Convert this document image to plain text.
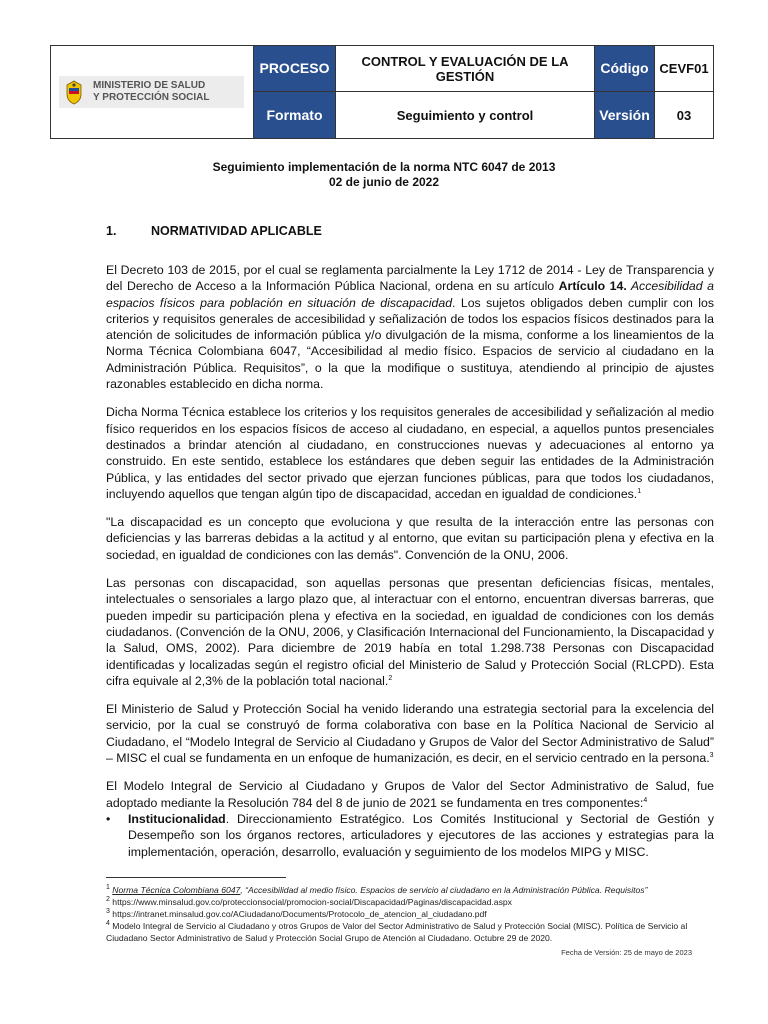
MINISTERIO DE SALUD
Y PROTECCIÓN SOCIAL
PROCESO	CONTROL Y EVALUACIÓN DE LA GESTIÓN	Código CEVF01
Formato	Seguimiento y control	Versión	03
Seguimiento implementación de la norma NTC 6047 de 2013
02 de junio de 2022
1.	NORMATIVIDAD APLICABLE

El Decreto 103 de 2015, por el cual se reglamenta parcialmente la Ley 1712 de 2014 - Ley de Transparencia y del Derecho de Acceso a la Información Pública Nacional, ordena en su artículo Artículo 14. Accesibilidad a espacios físicos para población en situación de discapacidad. Los sujetos obligados deben cumplir con los criterios y requisitos generales de accesibilidad y señalización de todos los espacios físicos destinados para la atención de solicitudes de información pública y/o divulgación de la misma, conforme a los lineamientos de la Norma Técnica Colombiana 6047, “Accesibilidad al medio físico. Espacios de servicio al ciudadano en la Administración Pública. Requisitos”, o la que la modifique o sustituya, atendiendo al principio de ajustes razonables establecido en dicha norma.

Dicha Norma Técnica establece los criterios y los requisitos generales de accesibilidad y señalización al medio físico requeridos en los espacios físicos de acceso al ciudadano, en especial, a aquellos puntos presenciales destinados a brindar atención al ciudadano, en construcciones nuevas y adecuaciones al entorno ya construido. En este sentido, establece los estándares que deben seguir las entidades de la Administración Pública, y las entidades del sector privado que ejerzan funciones públicas, para que todos los ciudadanos, incluyendo aquellos que tengan algún tipo de discapacidad, accedan en igualdad de condiciones.$^1$

"La discapacidad es un concepto que evoluciona y que resulta de la interacción entre las personas con deficiencias y las barreras debidas a la actitud y al entorno, que evitan su participación plena y efectiva en la sociedad, en igualdad de condiciones con las demás". Convención de la ONU, 2006.

Las personas con discapacidad, son aquellas personas que presentan deficiencias físicas, mentales, intelectuales o sensoriales a largo plazo que, al interactuar con el entorno, encuentran diversas barreras, que pueden impedir su participación plena y efectiva en la sociedad, en igualdad de condiciones con los demás ciudadanos. (Convención de la ONU, 2006, y Clasificación Internacional del Funcionamiento, la Discapacidad y la Salud, OMS, 2002). Para diciembre de 2019 había en total 1.298.738 Personas con Discapacidad identificadas y localizadas según el registro oficial del Ministerio de Salud y Protección Social (RLCPD). Esta cifra equivale al 2,3% de la población total nacional.$^2$

El Ministerio de Salud y Protección Social ha venido liderando una estrategia sectorial para la excelencia del servicio, por la cual se construyó de forma colaborativa con base en la Política Nacional de Servicio al Ciudadano, el “Modelo Integral de Servicio al Ciudadano y Grupos de Valor del Sector Administrativo de Salud” – MISC el cual se fundamenta en un enfoque de humanización, es decir, en el servicio centrado en la persona.$^3$

El Modelo Integral de Servicio al Ciudadano y Grupos de Valor del Sector Administrativo de Salud, fue adoptado mediante la Resolución 784 del 8 de junio de 2021 se fundamenta en tres componentes:$^4$

• Institucionalidad. Direccionamiento Estratégico. Los Comités Institucional y Sectorial de Gestión y Desempeño son los órganos rectores, articuladores y ejecutores de las acciones y estrategias para la implementación, operación, desarrollo, evaluación y seguimiento de los modelos MIPG y MISC.
$^1$ Norma Técnica Colombiana 6047, “Accesibilidad al medio físico. Espacios de servicio al ciudadano en la Administración Pública. Requisitos”
$^2$ https://www.minsalud.gov.co/proteccionsocial/promocion-social/Discapacidad/Paginas/discapacidad.aspx
$^3$ https://intranet.minsalud.gov.co/ACiudadano/Documents/Protocolo_de_atencion_al_ciudadano.pdf
$^4$ Modelo Integral de Servicio al Ciudadano y otros Grupos de Valor del Sector Administrativo de Salud y Protección Social (MISC). Política de Servicio al Ciudadano Sector Administrativo de Salud y Protección Social Grupo de Atención al Ciudadano. Octubre 29 de 2020.
Fecha de Versión: 25 de mayo de 2023
